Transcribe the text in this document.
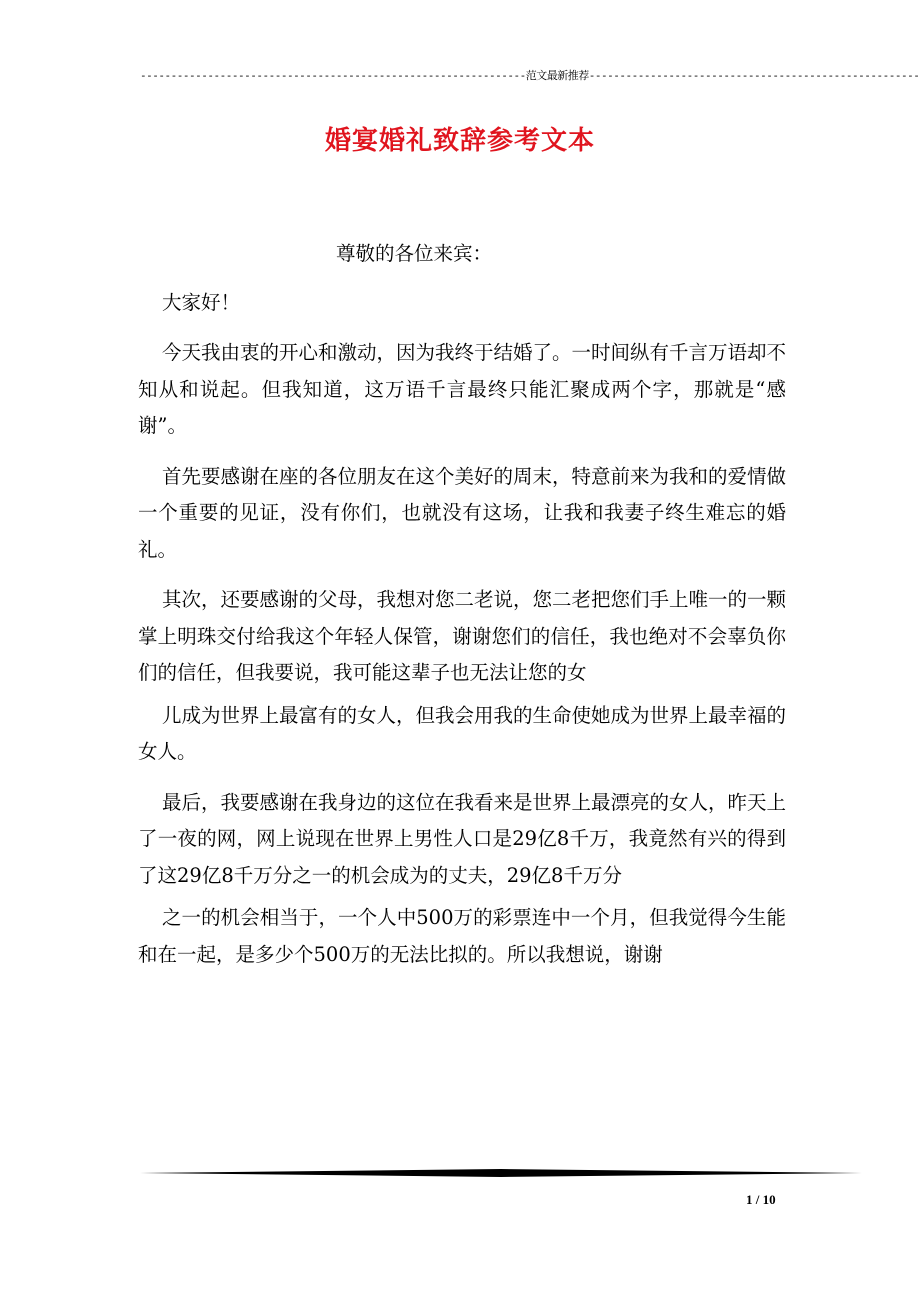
---------------------------------------------------------------范文最新推荐------------------------------------------------------
婚宴婚礼致辞参考文本

尊敬的各位来宾：

大家好！

今天我由衷的开心和激动，因为我终于结婚了。一时间纵有千言万语却不知从和说起。但我知道，这万语千言最终只能汇聚成两个字，那就是“感谢”。

首先要感谢在座的各位朋友在这个美好的周末，特意前来为我和的爱情做一个重要的见证，没有你们，也就没有这场，让我和我妻子终生难忘的婚礼。

其次，还要感谢的父母，我想对您二老说，您二老把您们手上唯一的一颗掌上明珠交付给我这个年轻人保管，谢谢您们的信任，我也绝对不会辜负你们的信任，但我要说，我可能这辈子也无法让您的女

儿成为世界上最富有的女人，但我会用我的生命使她成为世界上最幸福的女人。

最后，我要感谢在我身边的这位在我看来是世界上最漂亮的女人，昨天上了一夜的网，网上说现在世界上男性人口是29亿8千万，我竟然有兴的得到了这29亿8千万分之一的机会成为的丈夫，29亿8千万分

之一的机会相当于，一个人中500万的彩票连中一个月，但我觉得今生能和在一起，是多少个500万的无法比拟的。所以我想说，谢谢

1 / 10
